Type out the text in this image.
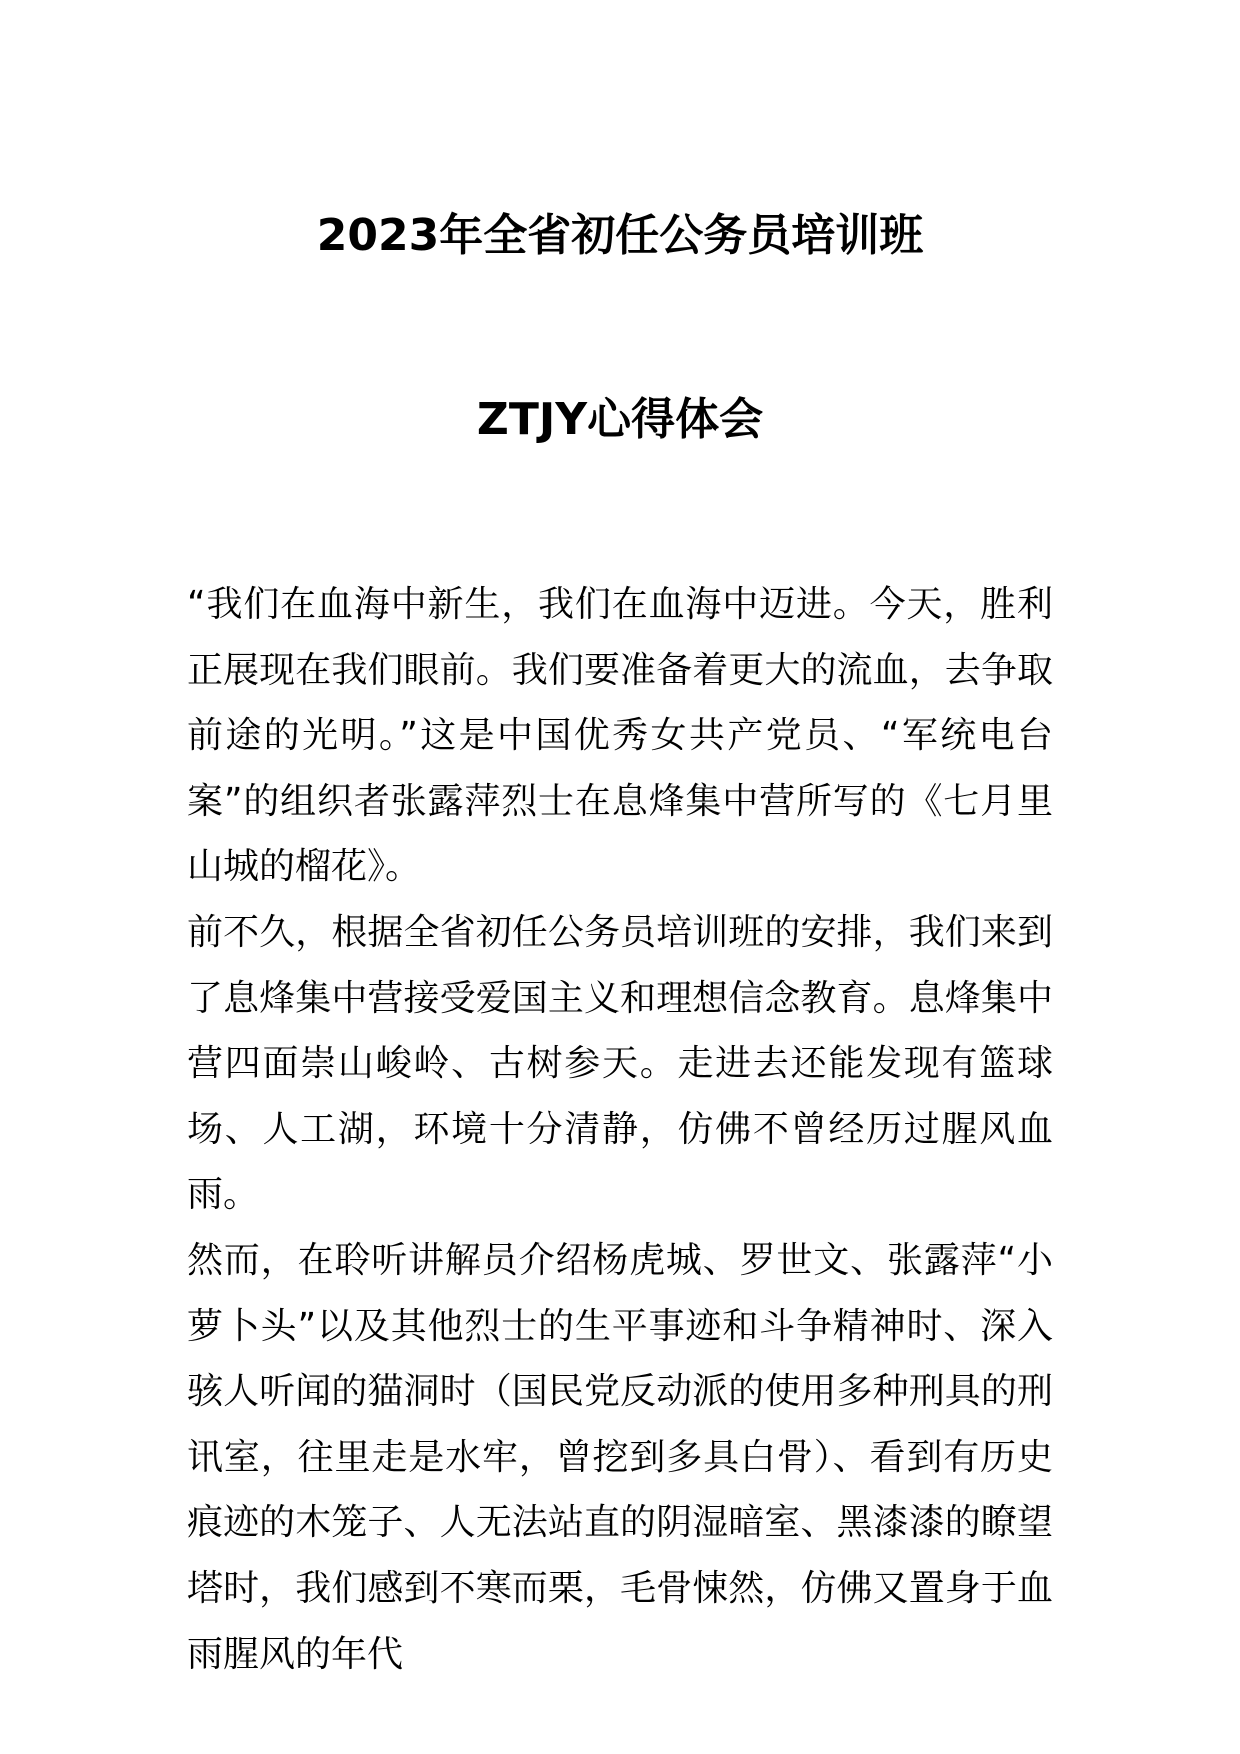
2023年全省初任公务员培训班
ZTJY心得体会

“我们在血海中新生，我们在血海中迈进。今天，胜利正展现在我们眼前。我们要准备着更大的流血，去争取前途的光明。”这是中国优秀女共产党员、“军统电台案”的组织者张露萍烈士在息烽集中营所写的《七月里山城的榴花》。

前不久，根据全省初任公务员培训班的安排，我们来到了息烽集中营接受爱国主义和理想信念教育。息烽集中营四面崇山峻岭、古树参天。走进去还能发现有篮球场、人工湖，环境十分清静，仿佛不曾经历过腥风血雨。

然而，在聆听讲解员介绍杨虎城、罗世文、张露萍“小萝卜头”以及其他烈士的生平事迹和斗争精神时、深入骇人听闻的猫洞时（国民党反动派的使用多种刑具的刑讯室，往里走是水牢，曾挖到多具白骨）、看到有历史痕迹的木笼子、人无法站直的阴湿暗室、黑漆漆的瞭望塔时，我们感到不寒而栗，毛骨悚然，仿佛又置身于血雨腥风的年代
